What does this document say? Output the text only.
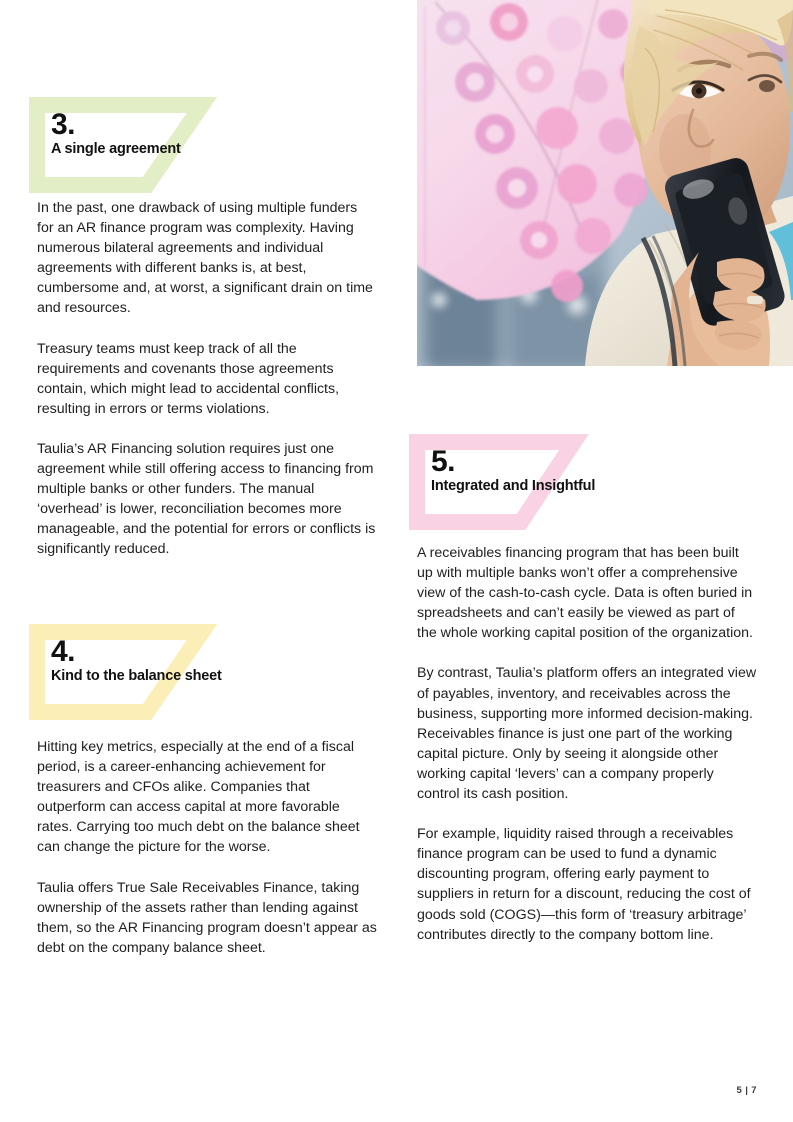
3.
A single agreement

In the past, one drawback of using multiple funders for an AR finance program was complexity. Having numerous bilateral agreements and individual agreements with different banks is, at best, cumbersome and, at worst, a significant drain on time and resources.

Treasury teams must keep track of all the requirements and covenants those agreements contain, which might lead to accidental conflicts, resulting in errors or terms violations.

Taulia’s AR Financing solution requires just one agreement while still offering access to financing from multiple banks or other funders. The manual ‘overhead’ is lower, reconciliation becomes more manageable, and the potential for errors or conflicts is significantly reduced.

4.
Kind to the balance sheet

Hitting key metrics, especially at the end of a fiscal period, is a career-enhancing achievement for treasurers and CFOs alike. Companies that outperform can access capital at more favorable rates. Carrying too much debt on the balance sheet can change the picture for the worse.

Taulia offers True Sale Receivables Finance, taking ownership of the assets rather than lending against them, so the AR Financing program doesn’t appear as debt on the company balance sheet.

5.
Integrated and Insightful

A receivables financing program that has been built up with multiple banks won’t offer a comprehensive view of the cash-to-cash cycle. Data is often buried in spreadsheets and can’t easily be viewed as part of the whole working capital position of the organization.

By contrast, Taulia’s platform offers an integrated view of payables, inventory, and receivables across the business, supporting more informed decision-making. Receivables finance is just one part of the working capital picture. Only by seeing it alongside other working capital ‘levers’ can a company properly control its cash position.

For example, liquidity raised through a receivables finance program can be used to fund a dynamic discounting program, offering early payment to suppliers in return for a discount, reducing the cost of goods sold (COGS)—this form of ‘treasury arbitrage’ contributes directly to the company bottom line.

5 | 7
